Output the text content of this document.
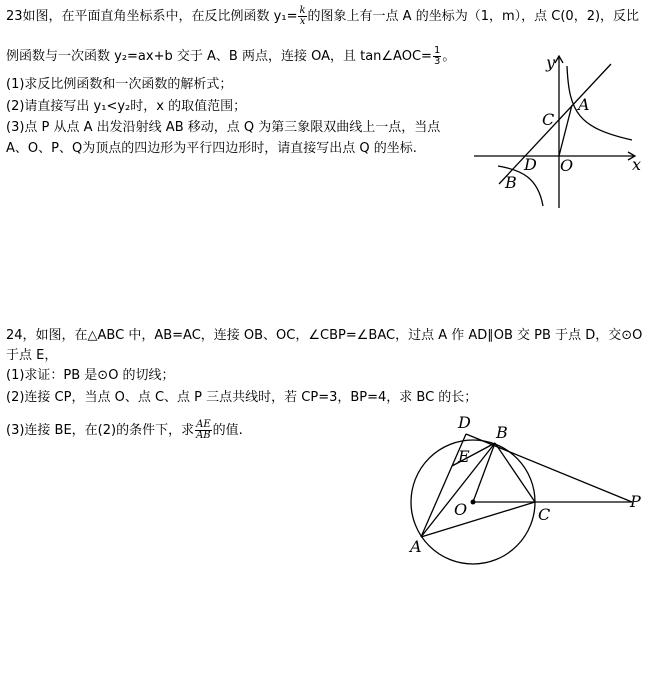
23如图，在平面直角坐标系中，在反比例函数 $y_1= \frac{k}{x}$ 的图象上有一点 A 的坐标为（1，m），点 C(0，2)，反比
例函数与一次函数 y₂=ax+b 交于 A、B 两点，连接 OA，且 tan∠AOC= $\frac{1}{3}$ 。
(1)求反比例函数和一次函数的解析式；
(2)请直接写出 y₁<y₂时，x 的取值范围；
(3)点 P 从点 A 出发沿射线 AB 移动，点 Q 为第三象限双曲线上一点，当点
A、O、P、Q为顶点的四边形为平行四边形时，请直接写出点 Q 的坐标.
y
x
A
C
D O
B
24，如图，在△ABC 中，AB=AC，连接 OB、OC，∠CBP=∠BAC，过点 A 作 AD∥OB 交 PB 于点 D，交⊙O
于点 E，
(1)求证：PB 是⊙O 的切线；
(2)连接 CP，当点 O、点 C、点 P 三点共线时，若 CP=3，BP=4，求 BC 的长；
(3)连接 BE，在(2)的条件下，求 $\frac{AE}{AB}$ 的值.	D
B
E
O	C
P
A
